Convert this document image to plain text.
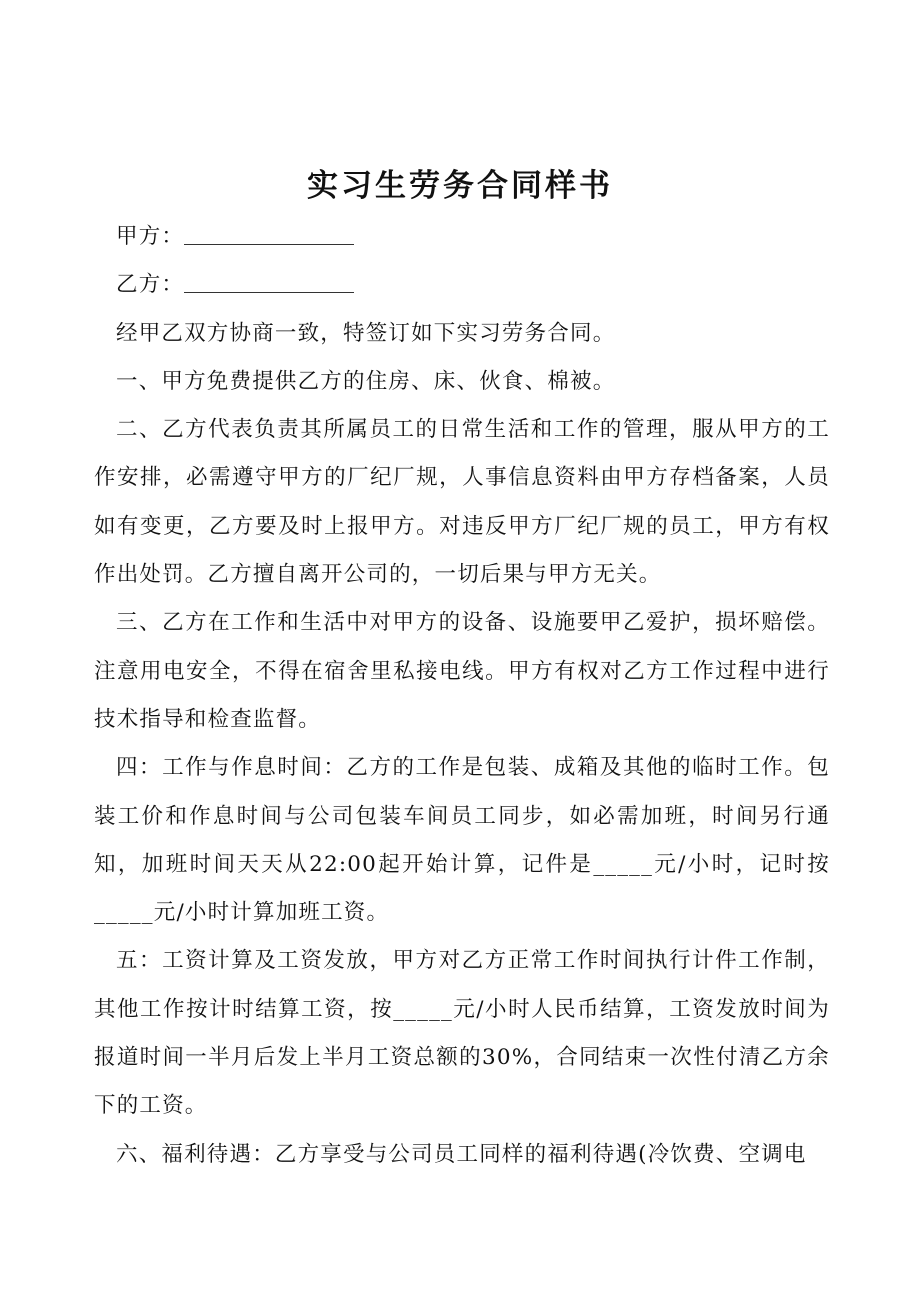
实习生劳务合同样书

甲方：

乙方：

经甲乙双方协商一致，特签订如下实习劳务合同。

一、甲方免费提供乙方的住房、床、伙食、棉被。

二、乙方代表负责其所属员工的日常生活和工作的管理，服从甲方的工作安排，必需遵守甲方的厂纪厂规，人事信息资料由甲方存档备案，人员如有变更，乙方要及时上报甲方。对违反甲方厂纪厂规的员工，甲方有权作出处罚。乙方擅自离开公司的，一切后果与甲方无关。

三、乙方在工作和生活中对甲方的设备、设施要甲乙爱护，损坏赔偿。注意用电安全，不得在宿舍里私接电线。甲方有权对乙方工作过程中进行技术指导和检查监督。

四：工作与作息时间：乙方的工作是包装、成箱及其他的临时工作。包装工价和作息时间与公司包装车间员工同步，如必需加班，时间另行通知，加班时间天天从22:00起开始计算，记件是_____元/小时，记时按_____元/小时计算加班工资。

五：工资计算及工资发放，甲方对乙方正常工作时间执行计件工作制，其他工作按计时结算工资，按_____元/小时人民币结算，工资发放时间为报道时间一半月后发上半月工资总额的30%，合同结束一次性付清乙方余下的工资。

六、福利待遇：乙方享受与公司员工同样的福利待遇(冷饮费、空调电
